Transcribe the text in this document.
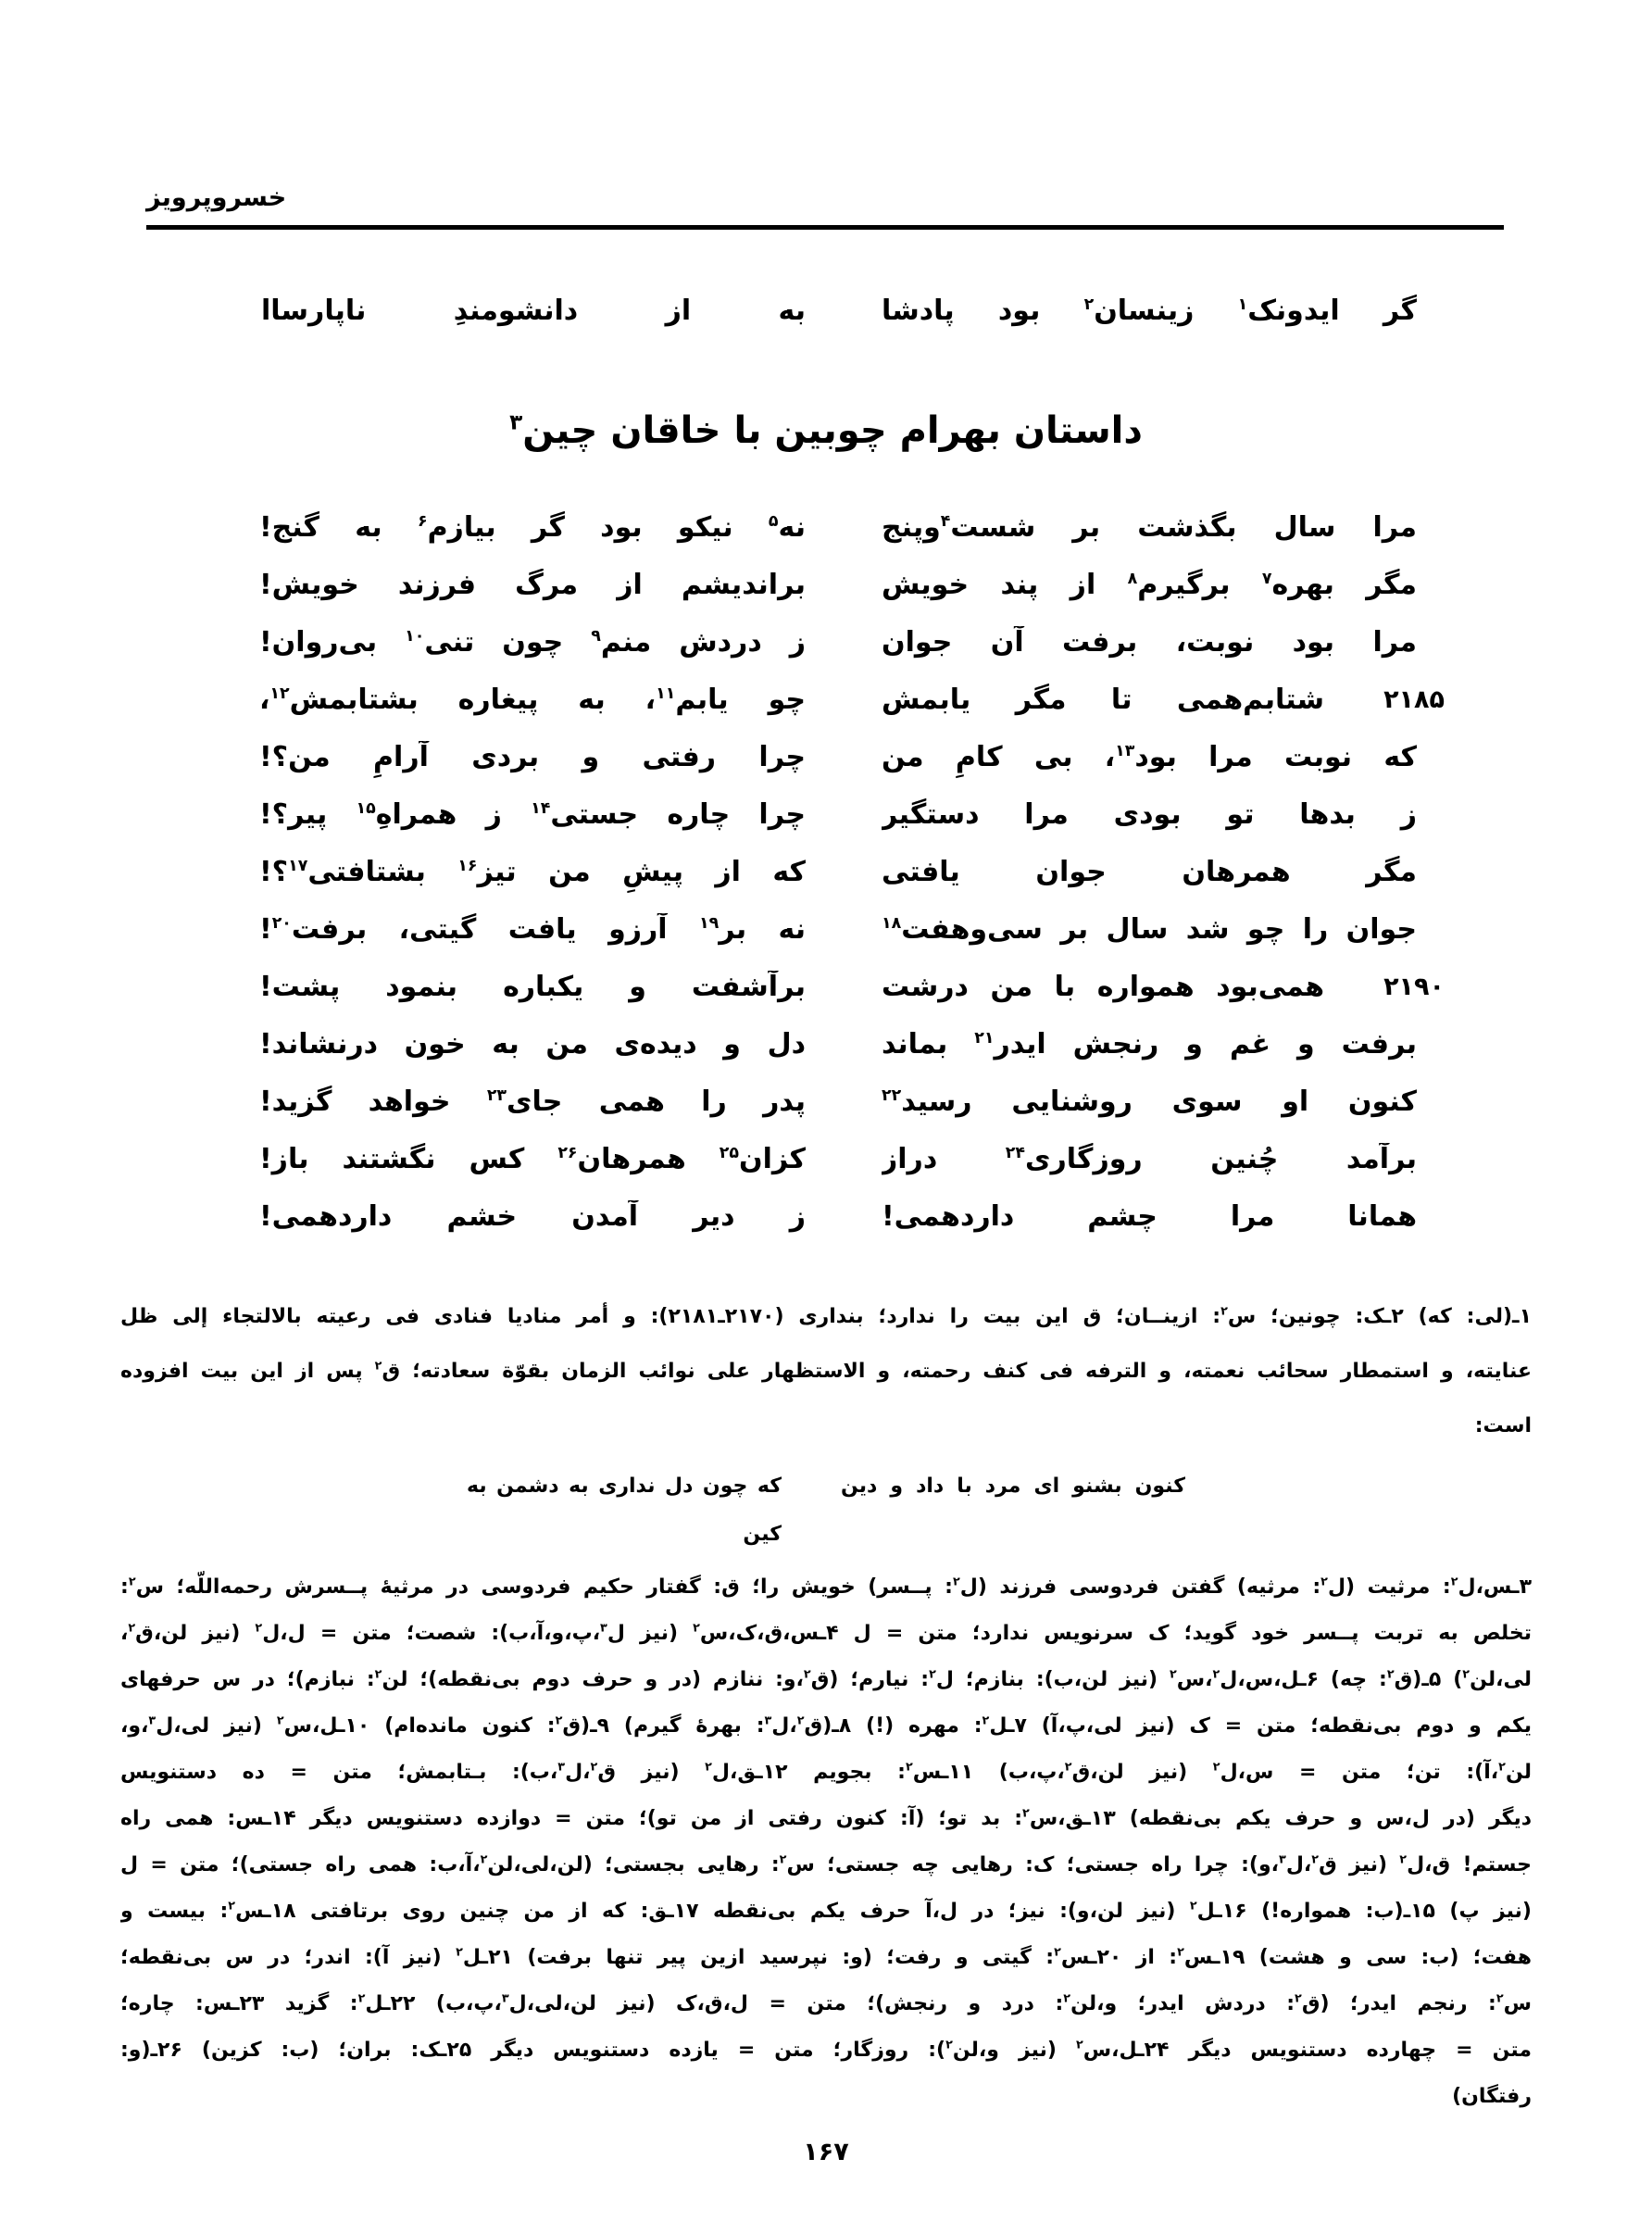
خسروپرویز
گر ایدونک$^۱$ زینسان$^۲$ بود پادشا
به از دانشومندِ ناپارساا
داستان بهرام چوبین با خاقان چین$^۳$
مرا سال بگذشت بر شست$^۴$وپنج
نه$^۵$ نیکو بود گر بیازم$^۶$ به گنج!
مگر بهره$^۷$ برگیرم$^۸$ از پند خویش
براندیشم از مرگ فرزند خویش!
مرا بود نوبت، برفت آن جوان
ز دردش منم$^۹$ چون تنی$^{۱۰}$ بی‌روان!
۲۱۸۵
شتابم‌همی تا مگر یابمش
چو یابم$^{۱۱}$، به پیغاره بشتابمش$^{۱۲}$،
که نوبت مرا بود$^{۱۳}$، بی کامِ من
چرا رفتی و بردی آرامِ من؟!
ز بدها تو بودی مرا دستگیر
چرا چاره جستی$^{۱۴}$ ز همراهِ$^{۱۵}$ پیر؟!
مگر همرهان جوان یافتی
که از پیشِ من تیز$^{۱۶}$ بشتافتی$^{۱۷}$؟!
جوان را چو شد سال بر سی‌وهفت$^{۱۸}$
نه بر$^{۱۹}$ آرزو یافت گیتی، برفت$^{۲۰}$!
۲۱۹۰
همی‌بود همواره با من درشت
برآشفت و یکباره بنمود پشت!
برفت و غم و رنجش ایدر$^{۲۱}$ بماند
دل و دیده‌ی من به خون درنشاند!
کنون او سوی روشنایی رسید$^{۲۲}$
پدر را همی جای$^{۲۳}$ خواهد گزید!
برآمد چُنین روزگاری$^{۲۴}$ دراز
کزان$^{۲۵}$ همرهان$^{۲۶}$ کس نگشتند باز!
همانا مرا چشم داردهمی!
ز دیر آمدن خشم داردهمی!
۱ـ(لی: که) ۲ـک: چونین؛ س$^۲$: ازینــان؛ ق این بیت را ندارد؛ بنداری (۲۱۷۰ـ۲۱۸۱): و أمر منادیا فنادی فی رعیته بالالتجاء إلی ظل
عنایته، و استمطار سحائب نعمته، و الترفه فی کنف رحمته، و الاستظهار علی نوائب الزمان بقوّة سعادته؛ ق$^۲$ پس از این بیت افزوده
است:
کنون بشنو ای مرد با داد و دین
که چون دل نداری به دشمن به کین
۳ـس،ل$^۲$: مرثیت (ل$^۲$: مرثیه) گفتن فردوسی فرزند (ل$^۲$: پــسر) خویش را؛ ق: گفتار حکیم فردوسی در مرثیهٔ پــسرش رحمه‌اللّه؛ س$^۲$:
تخلص به تربت پــسر خود گوید؛ ک سرنویس ندارد؛ متن = ل ۴ـس،ق،ک،س$^۲$ (نیز ل$^۳$،پ،و،آ،ب): شصت؛ متن = ل،ل$^۲$ (نیز لن،ق$^۲$،
لی،لن$^۲$) ۵ـ(ق$^۲$: چه) ۶ـل،س،ل$^۲$،س$^۲$ (نیز لن،ب): بنازم؛ ل$^۲$: نیارم؛ (ق$^۲$،و: ننازم (در و حرف دوم بی‌نقطه)؛ لن$^۲$: نبازم)؛ در س حرفهای
یکم و دوم بی‌نقطه؛ متن = ک (نیز لی،پ،آ) ۷ـل$^۲$: مهره (!) ۸ـ(ق$^۲$،ل$^۳$: بهرهٔ گیرم) ۹ـ(ق$^۲$: کنون مانده‌ام) ۱۰ـل،س$^۲$ (نیز لی،ل$^۳$،و،
لن$^۲$،آ): تن؛ متن = س،ل$^۲$ (نیز لن،ق$^۲$،پ،ب) ۱۱ـس$^۲$: بجویم ۱۲ـق،ل$^۲$ (نیز ق$^۲$،ل$^۳$،ب): بـتابمش؛ متن = ده دستنویس
دیگر (در ل،س و حرف یکم بی‌نقطه) ۱۳ـق،س$^۲$: بد تو؛ (آ: کنون رفتی از من تو)؛ متن = دوازده دستنویس دیگر ۱۴ـس: همی راه
جستم! ق،ل$^۲$ (نیز ق$^۲$،ل$^۳$،و): چرا راه جستی؛ ک: رهایی چه جستی؛ س$^۲$: رهایی بجستی؛ (لن،لی،لن$^۲$،آ،ب: همی راه جستی)؛ متن = ل
(نیز پ) ۱۵ـ(ب: همواره!) ۱۶ـل$^۲$ (نیز لن،و): نیز؛ در ل،آ حرف یکم بی‌نقطه ۱۷ـق: که از من چنین روی برتافتی ۱۸ـس$^۲$: بیست و
هفت؛ (ب: سی و هشت) ۱۹ـس$^۲$: از ۲۰ـس$^۲$: گیتی و رفت؛ (و: نپرسید ازین پیر تنها برفت) ۲۱ـل$^۲$ (نیز آ): اندر؛ در س بی‌نقطه؛
س$^۲$: رنجم ایدر؛ (ق$^۲$: دردش ایدر؛ و،لن$^۲$: درد و رنجش)؛ متن = ل،ق،ک (نیز لن،لی،ل$^۳$،پ،ب) ۲۲ـل$^۲$: گزید ۲۳ـس: چاره؛
متن = چهارده دستنویس دیگر ۲۴ـل،س$^۲$ (نیز و،لن$^۲$): روزگار؛ متن = یازده دستنویس دیگر ۲۵ـک: بران؛ (ب: کزین) ۲۶ـ(و:
رفتگان)
۱۶۷
